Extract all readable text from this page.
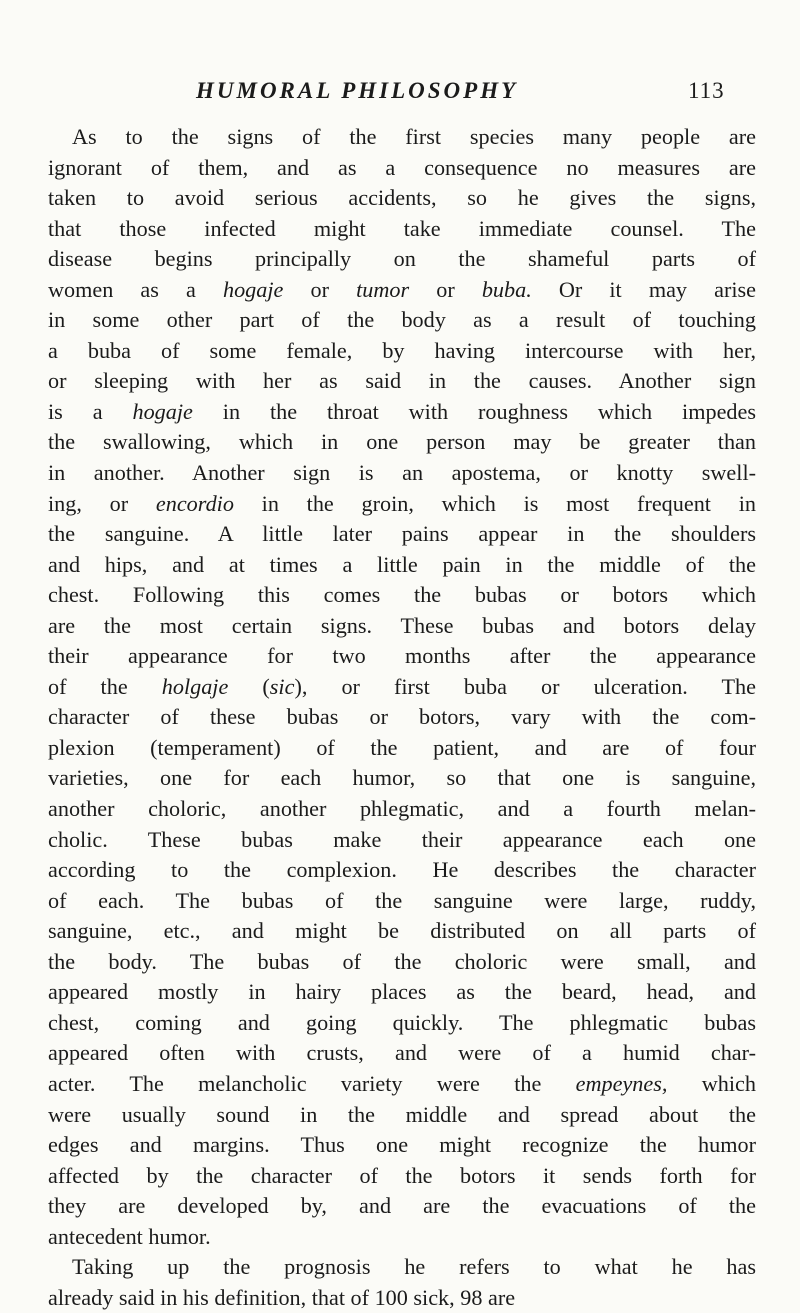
HUMORAL PHILOSOPHY	113

As to the signs of the first species many people are
ignorant of them, and as a consequence no measures are
taken to avoid serious accidents, so he gives the signs,
that those infected might take immediate counsel. The
disease begins principally on the shameful parts of
women as a hogaje or tumor or buba. Or it may arise
in some other part of the body as a result of touching
a buba of some female, by having intercourse with her,
or sleeping with her as said in the causes. Another sign
is a hogaje in the throat with roughness which impedes
the swallowing, which in one person may be greater than
in another. Another sign is an apostema, or knotty swell-
ing, or encordio in the groin, which is most frequent in
the sanguine. A little later pains appear in the shoulders
and hips, and at times a little pain in the middle of the
chest. Following this comes the bubas or botors which
are the most certain signs. These bubas and botors delay
their appearance for two months after the appearance
of the holgaje (sic), or first buba or ulceration. The
character of these bubas or botors, vary with the com-
plexion (temperament) of the patient, and are of four
varieties, one for each humor, so that one is sanguine,
another choloric, another phlegmatic, and a fourth melan-
cholic. These bubas make their appearance each one
according to the complexion. He describes the character
of each. The bubas of the sanguine were large, ruddy,
sanguine, etc., and might be distributed on all parts of
the body. The bubas of the choloric were small, and
appeared mostly in hairy places as the beard, head, and
chest, coming and going quickly. The phlegmatic bubas
appeared often with crusts, and were of a humid char-
acter. The melancholic variety were the empeynes, which
were usually sound in the middle and spread about the
edges and margins. Thus one might recognize the humor
affected by the character of the botors it sends forth for
they are developed by, and are the evacuations of the
antecedent humor.

Taking up the prognosis he refers to what he has
already said in his definition, that of 100 sick, 98 are
